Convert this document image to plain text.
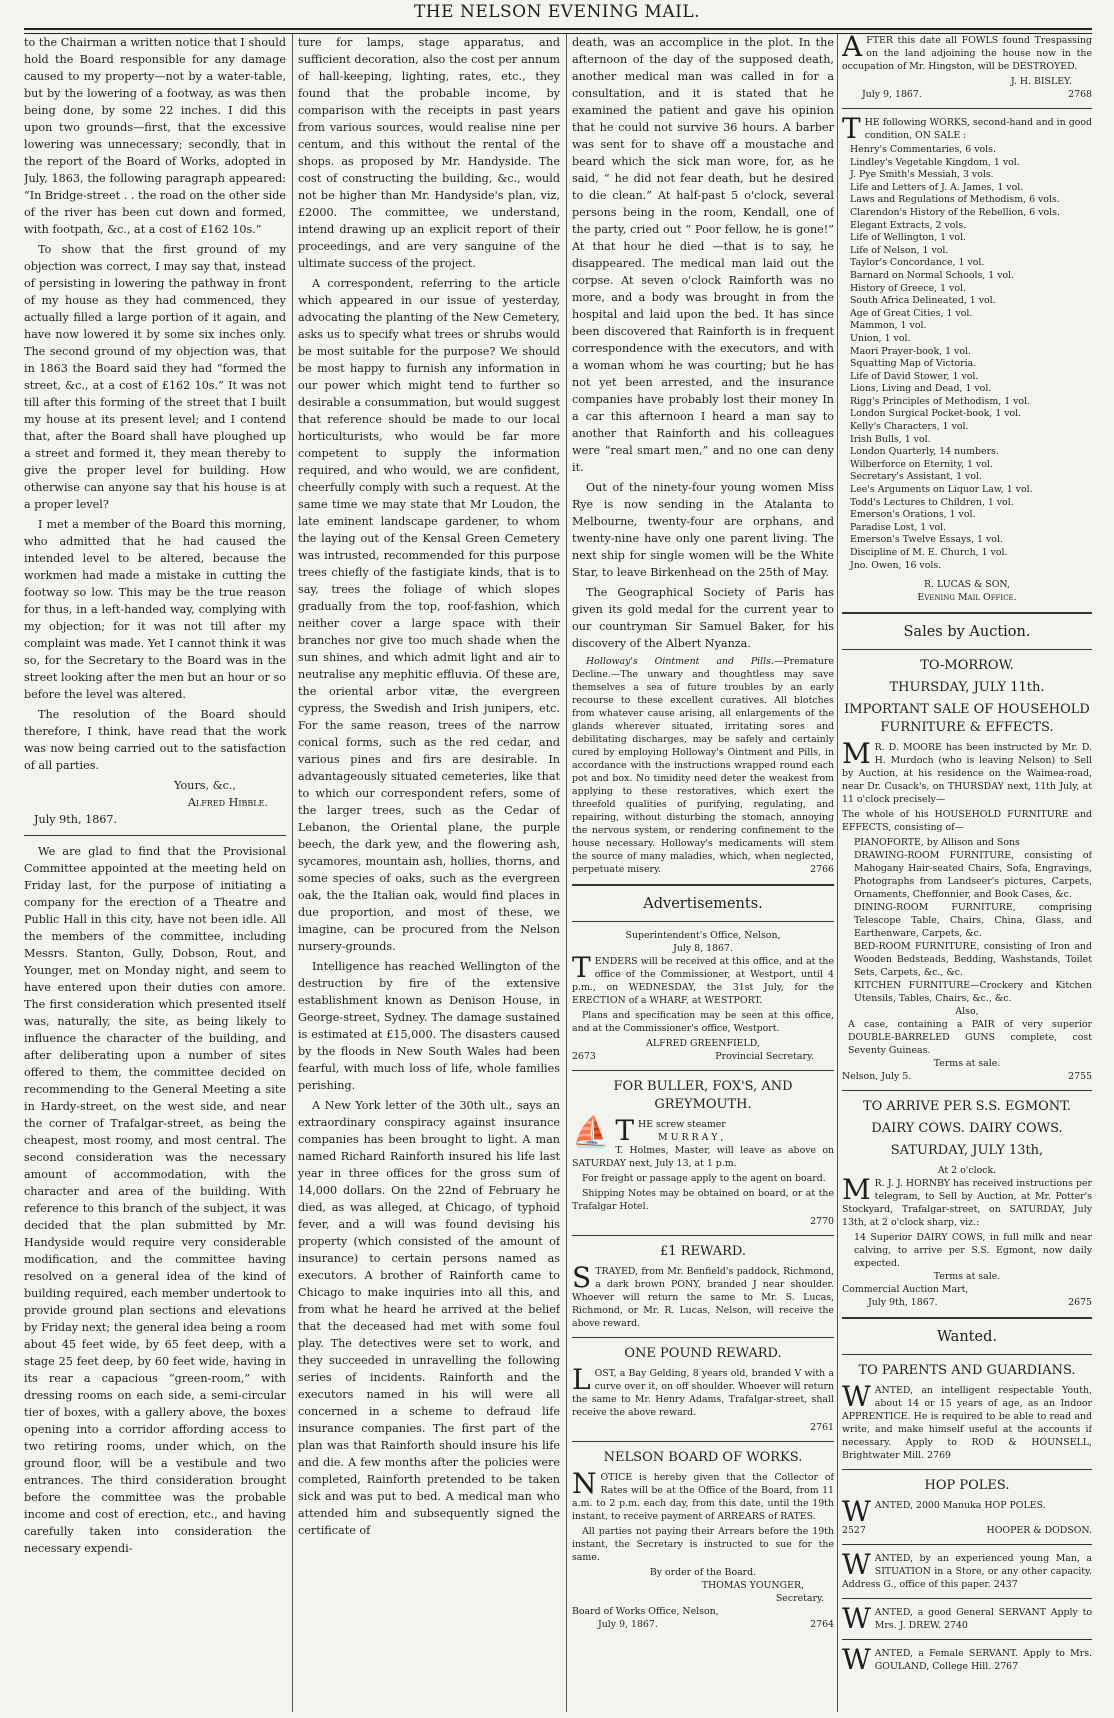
THE NELSON EVENING MAIL.

to the Chairman a written notice that I should hold the Board responsible for any damage caused to my property—not by a water-table, but by the lowering of a footway, as was then being done, by some 22 inches. I did this upon two grounds—first, that the excessive lowering was unnecessary; secondly, that in the report of the Board of Works, adopted in July, 1863, the following paragraph appeared: “In Bridge-street . . the road on the other side of the river has been cut down and formed, with footpath, &c., at a cost of £162 10s.”

To show that the first ground of my objection was correct, I may say that, instead of persisting in lowering the pathway in front of my house as they had commenced, they actually filled a large portion of it again, and have now lowered it by some six inches only. The second ground of my objection was, that in 1863 the Board said they had “formed the street, &c., at a cost of £162 10s.” It was not till after this forming of the street that I built my house at its present level; and I contend that, after the Board shall have ploughed up a street and formed it, they mean thereby to give the proper level for building. How otherwise can anyone say that his house is at a proper level?

I met a member of the Board this morning, who admitted that he had caused the intended level to be altered, because the workmen had made a mistake in cutting the footway so low. This may be the true reason for thus, in a left-handed way, complying with my objection; for it was not till after my complaint was made. Yet I cannot think it was so, for the Secretary to the Board was in the street looking after the men but an hour or so before the level was altered.

The resolution of the Board should therefore, I think, have read that the work was now being carried out to the satisfaction of all parties.

Yours, &c.,
Alfred Hibble.
July 9th, 1867.

We are glad to find that the Provisional Committee appointed at the meeting held on Friday last, for the purpose of initiating a company for the erection of a Theatre and Public Hall in this city, have not been idle. All the members of the committee, including Messrs. Stanton, Gully, Dobson, Rout, and Younger, met on Monday night, and seem to have entered upon their duties con amore. The first consideration which presented itself was, naturally, the site, as being likely to influence the character of the building, and after deliberating upon a number of sites offered to them, the committee decided on recommending to the General Meeting a site in Hardy-street, on the west side, and near the corner of Trafalgar-street, as being the cheapest, most roomy, and most central. The second consideration was the necessary amount of accommodation, with the character and area of the building. With reference to this branch of the subject, it was decided that the plan submitted by Mr. Handyside would require very considerable modification, and the committee having resolved on a general idea of the kind of building required, each member undertook to provide ground plan sections and elevations by Friday next; the general idea being a room about 45 feet wide, by 65 feet deep, with a stage 25 feet deep, by 60 feet wide, having in its rear a capacious “green-room,” with dressing rooms on each side, a semi-circular tier of boxes, with a gallery above, the boxes opening into a corridor affording access to two retiring rooms, under which, on the ground floor, will be a vestibule and two entrances. The third consideration brought before the committee was the probable income and cost of erection, etc., and having carefully taken into consideration the necessary expendi-

ture for lamps, stage apparatus, and sufficient decoration, also the cost per annum of hall-keeping, lighting, rates, etc., they found that the probable income, by comparison with the receipts in past years from various sources, would realise nine per centum, and this without the rental of the shops. as proposed by Mr. Handyside. The cost of constructing the building, &c., would not be higher than Mr. Handyside's plan, viz, £2000. The committee, we understand, intend drawing up an explicit report of their proceedings, and are very sanguine of the ultimate success of the project.

A correspondent, referring to the article which appeared in our issue of yesterday, advocating the planting of the New Cemetery, asks us to specify what trees or shrubs would be most suitable for the purpose? We should be most happy to furnish any information in our power which might tend to further so desirable a consummation, but would suggest that reference should be made to our local horticulturists, who would be far more competent to supply the information required, and who would, we are confident, cheerfully comply with such a request. At the same time we may state that Mr Loudon, the late eminent landscape gardener, to whom the laying out of the Kensal Green Cemetery was intrusted, recommended for this purpose trees chiefly of the fastigiate kinds, that is to say, trees the foliage of which slopes gradually from the top, roof-fashion, which neither cover a large space with their branches nor give too much shade when the sun shines, and which admit light and air to neutralise any mephitic effluvia. Of these are, the oriental arbor vitæ, the evergreen cypress, the Swedish and Irish junipers, etc. For the same reason, trees of the narrow conical forms, such as the red cedar, and various pines and firs are desirable. In advantageously situated cemeteries, like that to which our correspondent refers, some of the larger trees, such as the Cedar of Lebanon, the Oriental plane, the purple beech, the dark yew, and the flowering ash, sycamores, mountain ash, hollies, thorns, and some species of oaks, such as the evergreen oak, the the Italian oak, would find places in due proportion, and most of these, we imagine, can be procured from the Nelson nursery-grounds.

Intelligence has reached Wellington of the destruction by fire of the extensive establishment known as Denison House, in George-street, Sydney. The damage sustained is estimated at £15,000. The disasters caused by the floods in New South Wales had been fearful, with much loss of life, whole families perishing.

A New York letter of the 30th ult., says an extraordinary conspiracy against insurance companies has been brought to light. A man named Richard Rainforth insured his life last year in three offices for the gross sum of 14,000 dollars. On the 22nd of February he died, as was alleged, at Chicago, of typhoid fever, and a will was found devising his property (which consisted of the amount of insurance) to certain persons named as executors. A brother of Rainforth came to Chicago to make inquiries into all this, and from what he heard he arrived at the belief that the deceased had met with some foul play. The detectives were set to work, and they succeeded in unravelling the following series of incidents. Rainforth and the executors named in his will were all concerned in a scheme to defraud life insurance companies. The first part of the plan was that Rainforth should insure his life and die. A few months after the policies were completed, Rainforth pretended to be taken sick and was put to bed. A medical man who attended him and subsequently signed the certificate of

death, was an accomplice in the plot. In the afternoon of the day of the supposed death, another medical man was called in for a consultation, and it is stated that he examined the patient and gave his opinion that he could not survive 36 hours. A barber was sent for to shave off a moustache and beard which the sick man wore, for, as he said, “ he did not fear death, but he desired to die clean.” At half-past 5 o'clock, several persons being in the room, Kendall, one of the party, cried out “ Poor fellow, he is gone!” At that hour he died —that is to say, he disappeared. The medical man laid out the corpse. At seven o'clock Rainforth was no more, and a body was brought in from the hospital and laid upon the bed. It has since been discovered that Rainforth is in frequent correspondence with the executors, and with a woman whom he was courting; but he has not yet been arrested, and the insurance companies have probably lost their money In a car this afternoon I heard a man say to another that Rainforth and his colleagues were “real smart men,” and no one can deny it.

Out of the ninety-four young women Miss Rye is now sending in the Atalanta to Melbourne, twenty-four are orphans, and twenty-nine have only one parent living. The next ship for single women will be the White Star, to leave Birkenhead on the 25th of May.

The Geographical Society of Paris has given its gold medal for the current year to our countryman Sir Samuel Baker, for his discovery of the Albert Nyanza.

Holloway's Ointment and Pills.—Premature Decline.—The unwary and thoughtless may save themselves a sea of future troubles by an early recourse to these excellent curatives. All blotches from whatever cause arising, all enlargements of the glands wherever situated, irritating sores and debilitating discharges, may be safely and certainly cured by employing Holloway's Ointment and Pills, in accordance with the instructions wrapped round each pot and box. No timidity need deter the weakest from applying to these restoratives, which exert the threefold qualities of purifying, regulating, and repairing, without disturbing the stomach, annoying the nervous system, or rendering confinement to the house necessary. Holloway's medicaments will stem the source of many maladies, which, when neglected, perpetuate misery.	2766
Advertisements.
Superintendent's Office, Nelson,
July 8, 1867.

TENDERS will be received at this office, and at the office of the Commissioner, at Westport, until 4 p.m., on WEDNESDAY, the 31st July, for the ERECTION of a WHARF, at WESTPORT.

Plans and specification may be seen at this office, and at the Commissioner's office, Westport.

ALFRED GREENFIELD,
2673	Provincial Secretary.
FOR BULLER, FOX'S, AND GREYMOUTH.

⛵ T HE screw steamer
M U R R A Y ,
T. Holmes, Master, will leave as above on SATURDAY next, July 13, at 1 p.m.

For freight or passage apply to the agent on board.

Shipping Notes may be obtained on board, or at the Trafalgar Hotel.

2770
£1 REWARD.

STRAYED, from Mr. Benfield's paddock, Richmond, a dark brown PONY, branded J near shoulder. Whoever will return the same to Mr. S. Lucas, Richmond, or Mr. R. Lucas, Nelson, will receive the above reward.

ONE POUND REWARD.

LOST, a Bay Gelding, 8 years old, branded V with a curve over it, on off shoulder. Whoever will return the same to Mr. Henry Adams, Trafalgar-street, shall receive the above reward.

2761
NELSON BOARD OF WORKS.

NOTICE is hereby given that the Collector of Rates will be at the Office of the Board, from 11 a.m. to 2 p.m. each day, from this date, until the 19th instant, to receive payment of ARREARS of RATES.

All parties not paying their Arrears before the 19th instant, the Secretary is instructed to sue for the same.

By order of the Board.
THOMAS YOUNGER,
Secretary.
Board of Works Office, Nelson,
July 9, 1867.	2764

AFTER this date all FOWLS found Trespassing on the land adjoining the house now in the occupation of Mr. Hingston, will be DESTROYED.

J. H. BISLEY.
July 9, 1867.	2768

THE following WORKS, second-hand and in good condition, ON SALE :

Henry's Commentaries, 6 vols.
Lindley's Vegetable Kingdom, 1 vol.
J. Pye Smith's Messiah, 3 vols.
Life and Letters of J. A. James, 1 vol.
Laws and Regulations of Methodism, 6 vols.
Clarendon's History of the Rebellion, 6 vols.
Elegant Extracts, 2 vols.
Life of Wellington, 1 vol.
Life of Nelson, 1 vol.
Taylor's Concordance, 1 vol.
Barnard on Normal Schools, 1 vol.
History of Greece, 1 vol.
South Africa Delineated, 1 vol.
Age of Great Cities, 1 vol.
Mammon, 1 vol.
Union, 1 vol.
Maori Prayer-book, 1 vol.
Squatting Map of Victoria.
Life of David Stower, 1 vol.
Lions, Living and Dead, 1 vol.
Rigg's Principles of Methodism, 1 vol.
London Surgical Pocket-book, 1 vol.
Kelly's Characters, 1 vol.
Irish Bulls, 1 vol.
London Quarterly, 14 numbers.
Wilberforce on Eternity, 1 vol.
Secretary's Assistant, 1 vol.
Lee's Arguments on Liquor Law, 1 vol.
Todd's Lectures to Children, 1 vol.
Emerson's Orations, 1 vol.
Paradise Lost, 1 vol.
Emerson's Twelve Essays, 1 vol.
Discipline of M. E. Church, 1 vol.
Jno. Owen, 16 vols.
R. LUCAS & SON,
Evening Mail Office.
Sales by Auction.
TO-MORROW.
THURSDAY, JULY 11th.
IMPORTANT SALE OF HOUSEHOLD FURNITURE & EFFECTS.

M R. D. MOORE has been instructed by Mr. D. H. Murdoch (who is leaving Nelson) to Sell by Auction, at his residence on the Waimea-road, near Dr. Cusack's, on THURSDAY next, 11th July, at 11 o'clock precisely—

The whole of his HOUSEHOLD FURNITURE and EFFECTS, consisting of—

PIANOFORTE, by Allison and Sons
DRAWING-ROOM FURNITURE, consisting of Mahogany Hair-seated Chairs, Sofa, Engravings, Photographs from Landseer's pictures, Carpets, Ornaments, Cheffonnier, and Book Cases, &c.
DINING-ROOM FURNITURE, comprising Telescope Table, Chairs, China, Glass, and Earthenware, Carpets, &c.
BED-ROOM FURNITURE, consisting of Iron and Wooden Bedsteads, Bedding, Washstands, Toilet Sets, Carpets, &c., &c.
KITCHEN FURNITURE—Crockery and Kitchen Utensils, Tables, Chairs, &c., &c.
Also,
A case, containing a PAIR of very superior DOUBLE-BARRELED GUNS complete, cost Seventy Guineas.
Terms at sale.
Nelson, July 5.	2755
TO ARRIVE PER S.S. EGMONT.
DAIRY COWS. DAIRY COWS.
SATURDAY, JULY 13th,
At 2 o'clock.

M R. J. J. HORNBY has received instructions per telegram, to Sell by Auction, at Mr. Potter's Stockyard, Trafalgar-street, on SATURDAY, July 13th, at 2 o'clock sharp, viz.:

14 Superior DAIRY COWS, in full milk and near calving, to arrive per S.S. Egmont, now daily expected.
Terms at sale.
Commercial Auction Mart,
July 9th, 1867.	2675
Wanted.
TO PARENTS AND GUARDIANS.

WANTED, an intelligent respectable Youth, about 14 or 15 years of age, as an Indoor APPRENTICE. He is required to be able to read and write, and make himself useful at the accounts if necessary. Apply to ROD & HOUNSELL, Brightwater Mill. 2769

HOP POLES.

WANTED, 2000 Manuka HOP POLES.

2527	HOOPER & DODSON.

WANTED, by an experienced young Man, a SITUATION in a Store, or any other capacity. Address G., office of this paper. 2437

WANTED, a good General SERVANT Apply to Mrs. J. DREW. 2740

WANTED, a Female SERVANT. Apply to Mrs. GOULAND, College Hill. 2767
